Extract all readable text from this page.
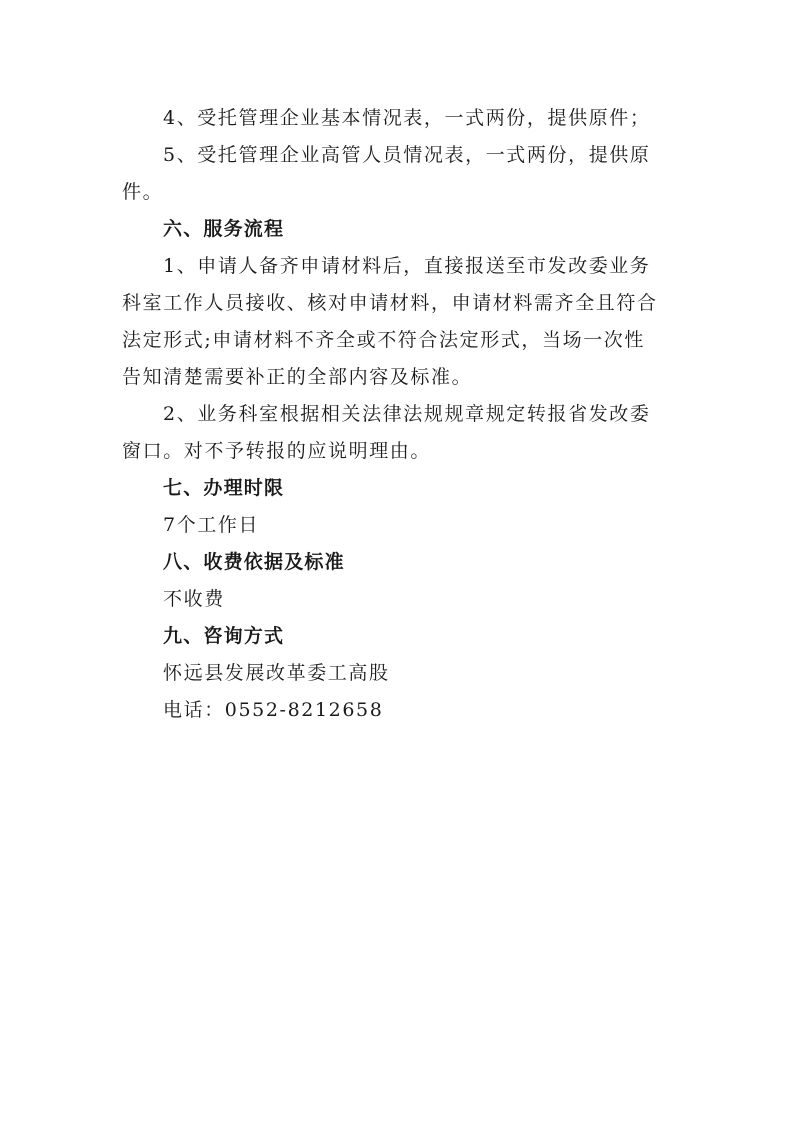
4、受托管理企业基本情况表，一式两份，提供原件；
5、受托管理企业高管人员情况表，一式两份，提供原
件。
六、服务流程
1、申请人备齐申请材料后，直接报送至市发改委业务
科室工作人员接收、核对申请材料，申请材料需齐全且符合
法定形式;申请材料不齐全或不符合法定形式，当场一次性
告知清楚需要补正的全部内容及标准。
2、业务科室根据相关法律法规规章规定转报省发改委
窗口。对不予转报的应说明理由。
七、办理时限
7个工作日
八、收费依据及标准
不收费
九、咨询方式
怀远县发展改革委工高股
电话：0552-8212658
